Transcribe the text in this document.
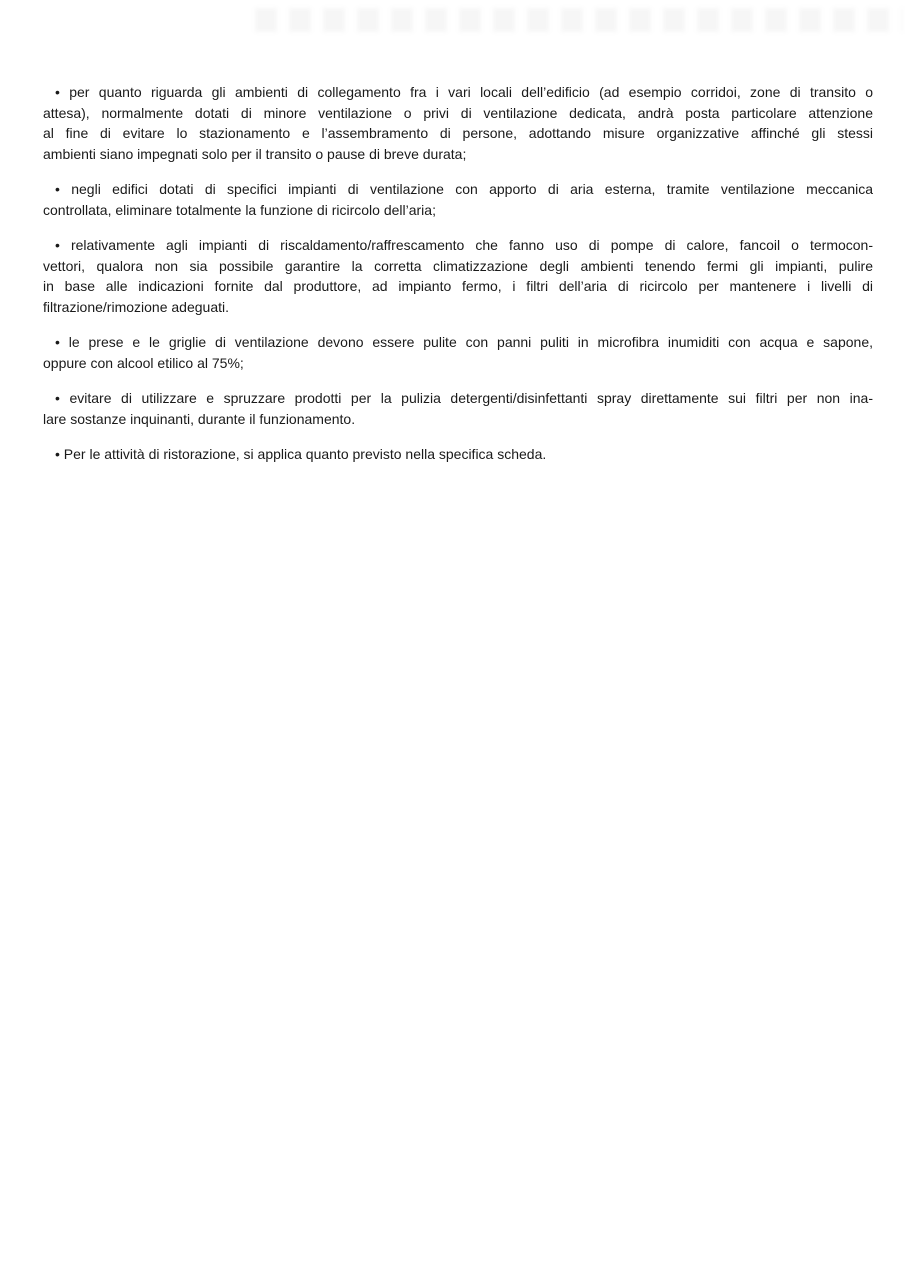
• per quanto riguarda gli ambienti di collegamento fra i vari locali dell’edificio (ad esempio corridoi, zone di transito o
attesa), normalmente dotati di minore ventilazione o privi di ventilazione dedicata, andrà posta particolare attenzione
al fine di evitare lo stazionamento e l’assembramento di persone, adottando misure organizzative affinché gli stessi
ambienti siano impegnati solo per il transito o pause di breve durata;
• negli edifici dotati di specifici impianti di ventilazione con apporto di aria esterna, tramite ventilazione meccanica
controllata, eliminare totalmente la funzione di ricircolo dell’aria;
• relativamente agli impianti di riscaldamento/raffrescamento che fanno uso di pompe di calore, fancoil o termocon-
vettori, qualora non sia possibile garantire la corretta climatizzazione degli ambienti tenendo fermi gli impianti, pulire
in base alle indicazioni fornite dal produttore, ad impianto fermo, i filtri dell’aria di ricircolo per mantenere i livelli di
filtrazione/rimozione adeguati.
• le prese e le griglie di ventilazione devono essere pulite con panni puliti in microfibra inumiditi con acqua e sapone,
oppure con alcool etilico al 75%;
• evitare di utilizzare e spruzzare prodotti per la pulizia detergenti/disinfettanti spray direttamente sui filtri per non ina-
lare sostanze inquinanti, durante il funzionamento.
• Per le attività di ristorazione, si applica quanto previsto nella specifica scheda.
